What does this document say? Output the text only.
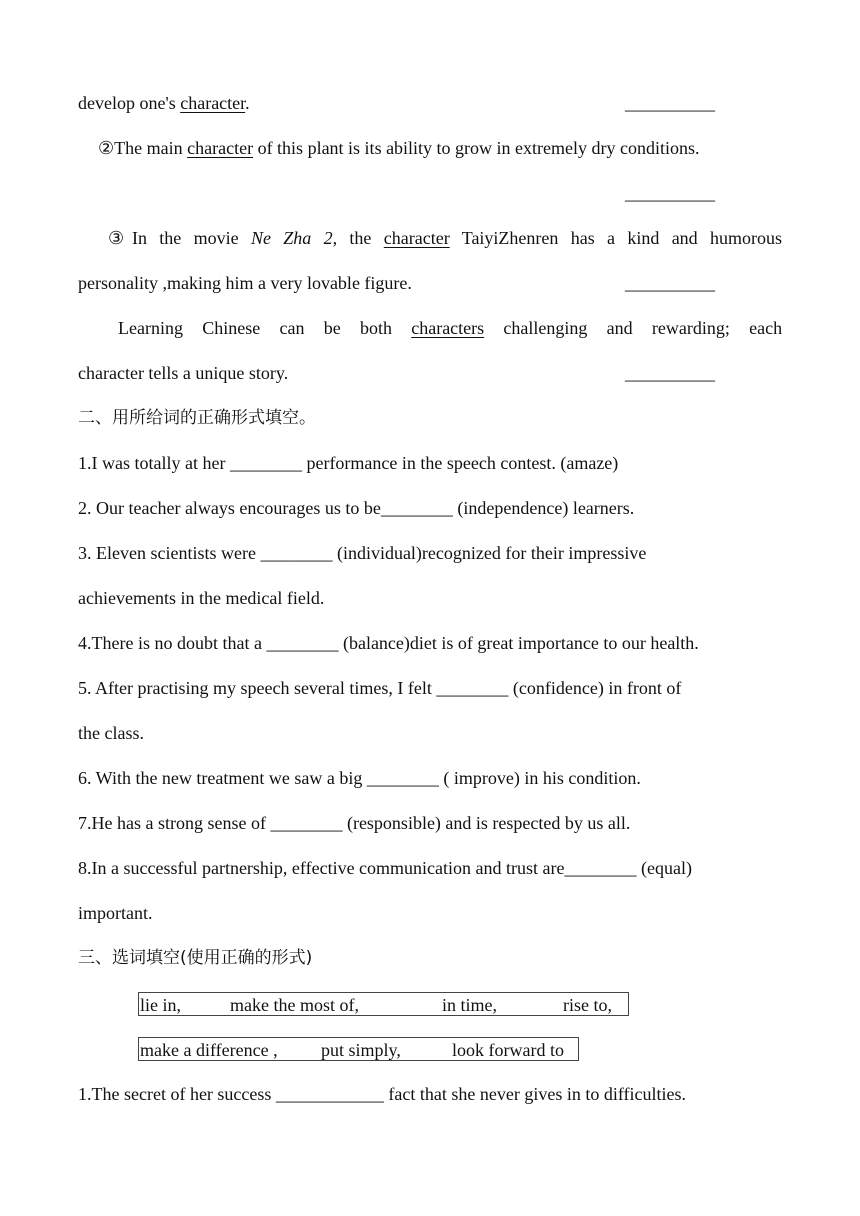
develop one's character.	__________
②The main character of this plant is its ability to grow in extremely dry conditions.
__________
③In the movie Ne Zha 2, the character TaiyiZhenren has a kind and humorous
personality ,making him a very lovable figure.	__________
Learning Chinese can be both characters challenging and rewarding; each
character tells a unique story.	__________
二、用所给词的正确形式填空。
1.I was totally at her ________ performance in the speech contest. (amaze)
2. Our teacher always encourages us to be________ (independence) learners.
3. Eleven scientists were ________ (individual)recognized for their impressive
achievements in the medical field.
4.There is no doubt that a ________ (balance)diet is of great importance to our health.
5. After practising my speech several times, I felt ________ (confidence) in front of
the class.
6. With the new treatment we saw a big ________ ( improve) in his condition.
7.He has a strong sense of ________ (responsible) and is respected by us all.
8.In a successful partnership, effective communication and trust are________ (equal)
important.
三、选词填空(使用正确的形式)
lie in,	make the most of,	in time,	rise to,
make a difference , put simply,	look forward to
1.The secret of her success ____________ fact that she never gives in to difficulties.
